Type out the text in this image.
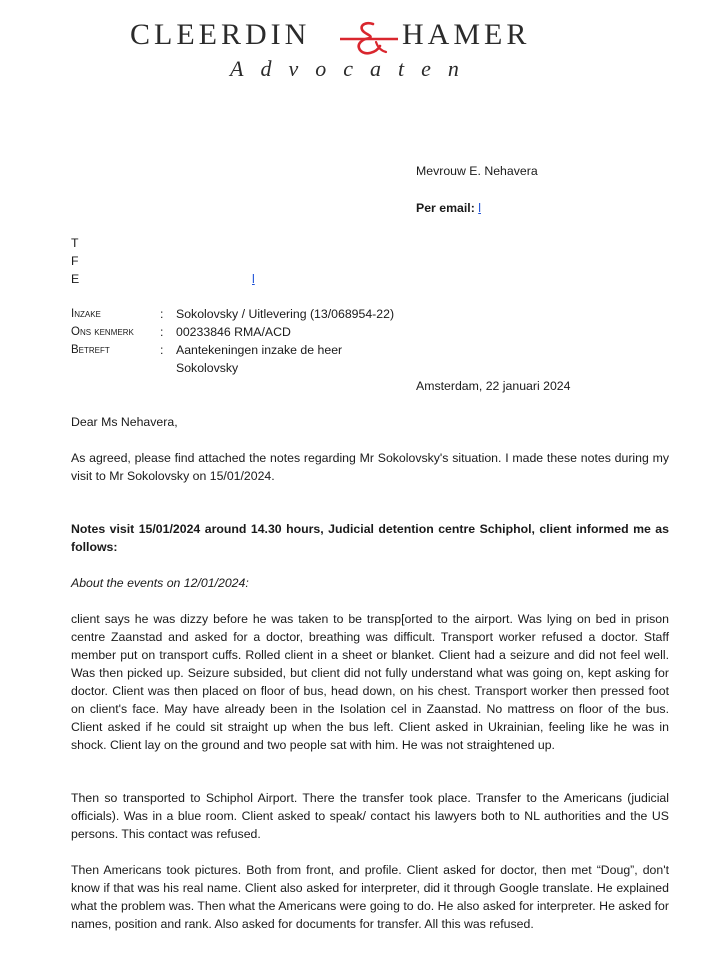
CLEERDIN	HAMER
Advocaten
Mevrouw E. Nehavera
Per email: l
T
F
E	l
Inzake	: Sokolovsky / Uitlevering (13/068954-22)
Ons kenmerk : 00233846 RMA/ACD
Betreft	: Aantekeningen inzake de heer
Sokolovsky
Amsterdam, 22 januari 2024
Dear Ms Nehavera,
As agreed, please find attached the notes regarding Mr Sokolovsky's situation. I made these notes during my visit to Mr Sokolovsky on 15/01/2024.
Notes visit 15/01/2024 around 14.30 hours, Judicial detention centre Schiphol, client informed me as follows:
About the events on 12/01/2024:
client says he was dizzy before he was taken to be transp[orted to the airport. Was lying on bed in prison centre Zaanstad and asked for a doctor, breathing was difficult. Transport worker refused a doctor. Staff member put on transport cuffs. Rolled client in a sheet or blanket. Client had a seizure and did not feel well. Was then picked up. Seizure subsided, but client did not fully understand what was going on, kept asking for doctor. Client was then placed on floor of bus, head down, on his chest. Transport worker then pressed foot on client's face. May have already been in the Isolation cel in Zaanstad. No mattress on floor of the bus. Client asked if he could sit straight up when the bus left. Client asked in Ukrainian, feeling like he was in shock. Client lay on the ground and two people sat with him. He was not straightened up.
Then so transported to Schiphol Airport. There the transfer took place. Transfer to the Americans (judicial officials). Was in a blue room. Client asked to speak/ contact his lawyers both to NL authorities and the US persons. This contact was refused.
Then Americans took pictures. Both from front, and profile. Client asked for doctor, then met “Doug”, don't know if that was his real name. Client also asked for interpreter, did it through Google translate. He explained what the problem was. Then what the Americans were going to do. He also asked for interpreter. He asked for names, position and rank. Also asked for documents for transfer. All this was refused.
